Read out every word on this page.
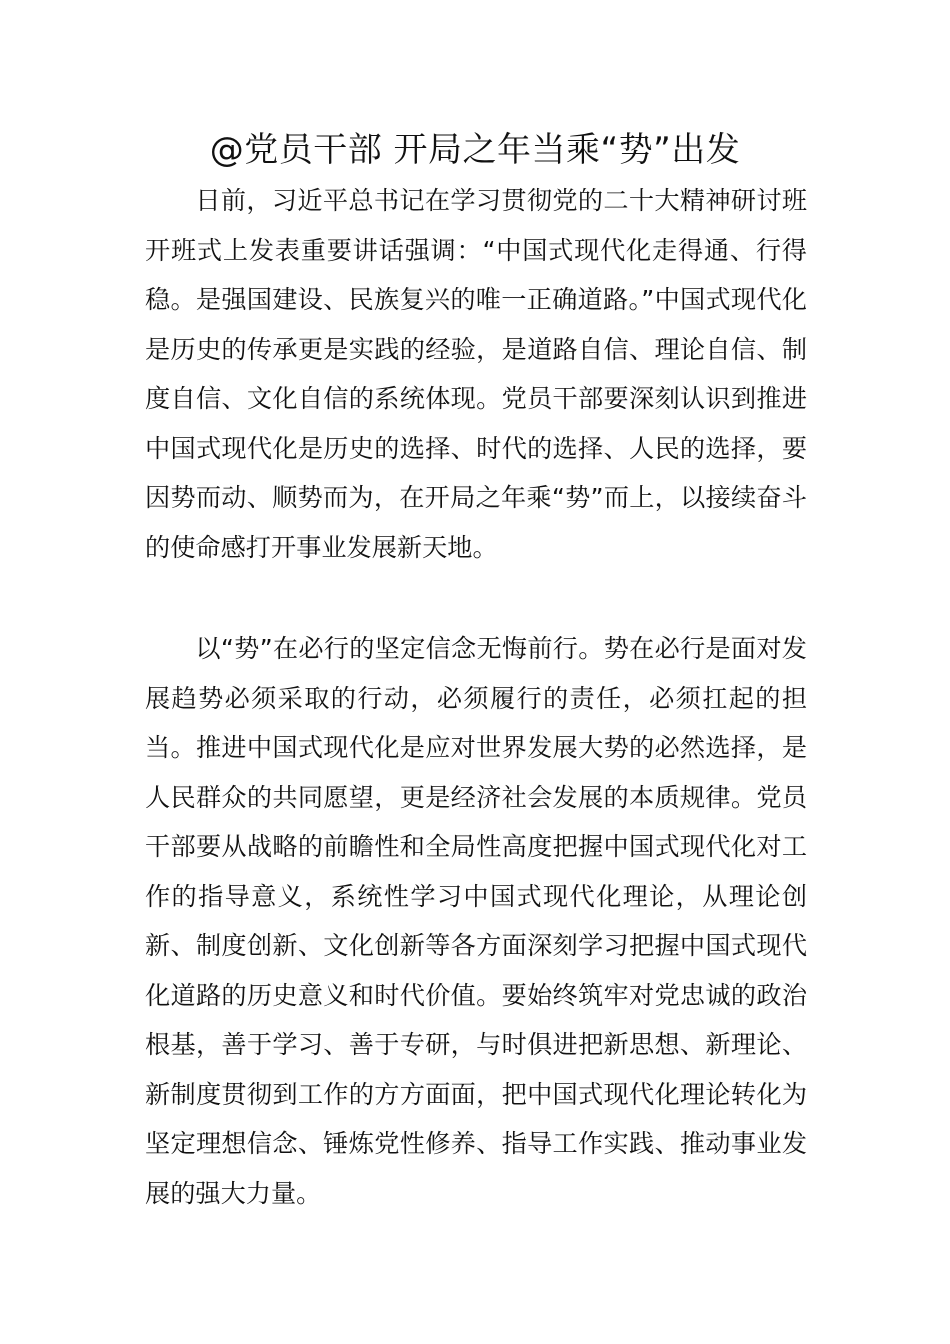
@党员干部 开局之年当乘“势”出发

日前，习近平总书记在学习贯彻党的二十大精神研讨班开班式上发表重要讲话强调：“中国式现代化走得通、行得稳。是强国建设、民族复兴的唯一正确道路。”中国式现代化是历史的传承更是实践的经验，是道路自信、理论自信、制度自信、文化自信的系统体现。党员干部要深刻认识到推进中国式现代化是历史的选择、时代的选择、人民的选择，要因势而动、顺势而为，在开局之年乘“势”而上，以接续奋斗的使命感打开事业发展新天地。

以“势”在必行的坚定信念无悔前行。势在必行是面对发展趋势必须采取的行动，必须履行的责任，必须扛起的担当。推进中国式现代化是应对世界发展大势的必然选择，是人民群众的共同愿望，更是经济社会发展的本质规律。党员干部要从战略的前瞻性和全局性高度把握中国式现代化对工作的指导意义，系统性学习中国式现代化理论，从理论创新、制度创新、文化创新等各方面深刻学习把握中国式现代化道路的历史意义和时代价值。要始终筑牢对党忠诚的政治根基，善于学习、善于专研，与时俱进把新思想、新理论、新制度贯彻到工作的方方面面，把中国式现代化理论转化为坚定理想信念、锤炼党性修养、指导工作实践、推动事业发展的强大力量。
